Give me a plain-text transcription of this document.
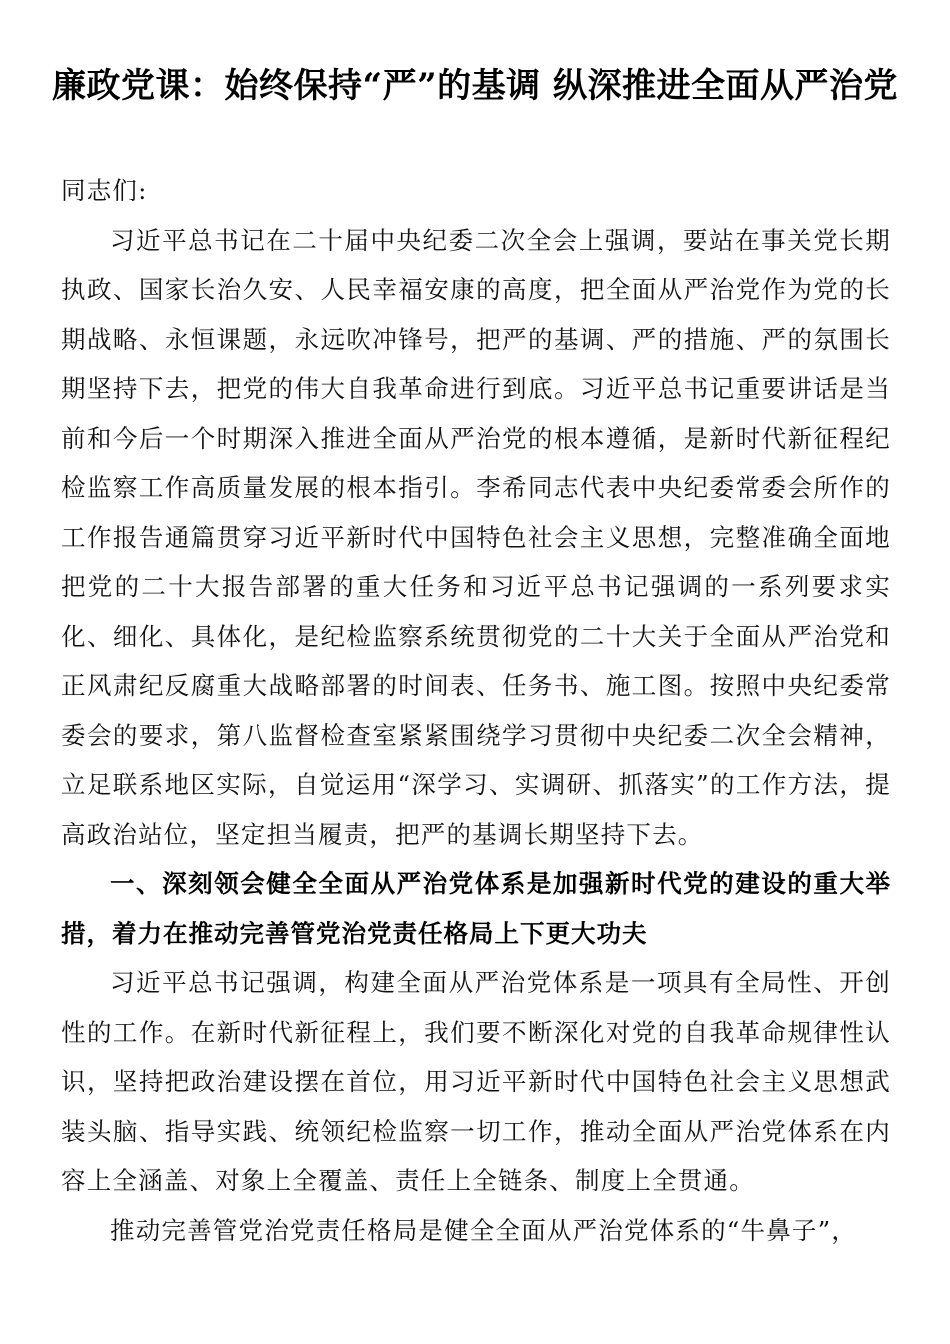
廉政党课：始终保持“严”的基调 纵深推进全面从严治党

同志们:

习近平总书记在二十届中央纪委二次全会上强调，要站在事关党长期执政、国家长治久安、人民幸福安康的高度，把全面从严治党作为党的长期战略、永恒课题，永远吹冲锋号，把严的基调、严的措施、严的氛围长期坚持下去，把党的伟大自我革命进行到底。习近平总书记重要讲话是当前和今后一个时期深入推进全面从严治党的根本遵循，是新时代新征程纪检监察工作高质量发展的根本指引。李希同志代表中央纪委常委会所作的工作报告通篇贯穿习近平新时代中国特色社会主义思想，完整准确全面地把党的二十大报告部署的重大任务和习近平总书记强调的一系列要求实化、细化、具体化，是纪检监察系统贯彻党的二十大关于全面从严治党和正风肃纪反腐重大战略部署的时间表、任务书、施工图。按照中央纪委常委会的要求，第八监督检查室紧紧围绕学习贯彻中央纪委二次全会精神，立足联系地区实际，自觉运用“深学习、实调研、抓落实”的工作方法，提高政治站位，坚定担当履责，把严的基调长期坚持下去。

一、深刻领会健全全面从严治党体系是加强新时代党的建设的重大举措，着力在推动完善管党治党责任格局上下更大功夫

习近平总书记强调，构建全面从严治党体系是一项具有全局性、开创性的工作。在新时代新征程上，我们要不断深化对党的自我革命规律性认识，坚持把政治建设摆在首位，用习近平新时代中国特色社会主义思想武装头脑、指导实践、统领纪检监察一切工作，推动全面从严治党体系在内容上全涵盖、对象上全覆盖、责任上全链条、制度上全贯通。

推动完善管党治党责任格局是健全全面从严治党体系的“牛鼻子”，
